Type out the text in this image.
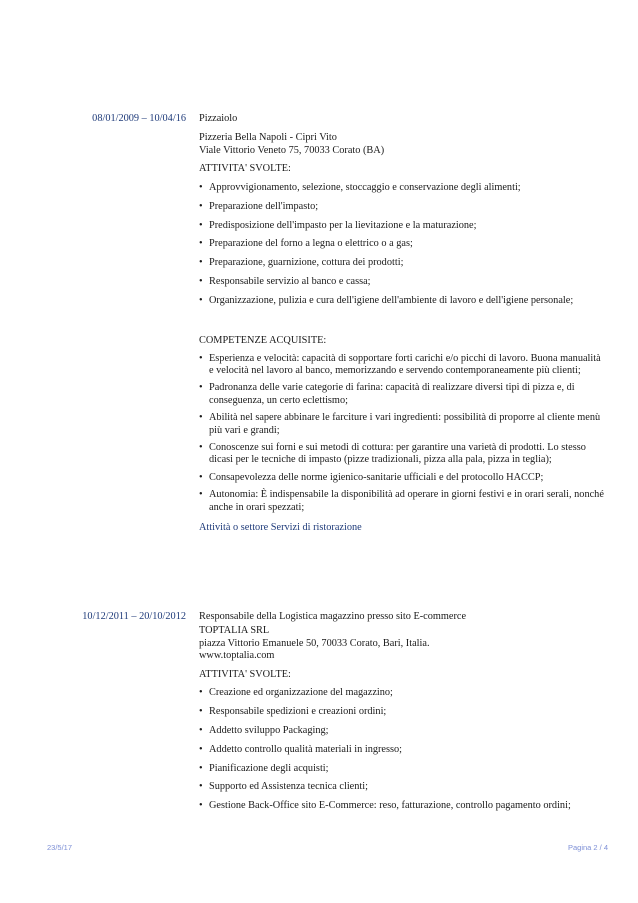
08/01/2009 – 10/04/16 Pizzaiolo

Pizzeria Bella Napoli - Cipri Vito

Viale Vittorio Veneto 75, 70033 Corato (BA)

ATTIVITA' SVOLTE:

• Approvvigionamento, selezione, stoccaggio e conservazione degli alimenti;
• Preparazione dell'impasto;
• Predisposizione dell'impasto per la lievitazione e la maturazione;
• Preparazione del forno a legna o elettrico o a gas;
• Preparazione, guarnizione, cottura dei prodotti;
• Responsabile servizio al banco e cassa;
• Organizzazione, pulizia e cura dell'igiene dell'ambiente di lavoro e dell'igiene personale;

COMPETENZE ACQUISITE:

• Esperienza e velocità: capacità di sopportare forti carichi e/o picchi di lavoro. Buona manualità e velocità nel lavoro al banco, memorizzando e servendo contemporaneamente più clienti;
• Padronanza delle varie categorie di farina: capacità di realizzare diversi tipi di pizza e, di conseguenza, un certo eclettismo;
• Abilità nel sapere abbinare le farciture i vari ingredienti: possibilità di proporre al cliente menù più vari e grandi;
• Conoscenze sui forni e sui metodi di cottura: per garantire una varietà di prodotti. Lo stesso dicasi per le tecniche di impasto (pizze tradizionali, pizza alla pala, pizza in teglia);
• Consapevolezza delle norme igienico-sanitarie ufficiali e del protocollo HACCP;
• Autonomia: È indispensabile la disponibilità ad operare in giorni festivi e in orari serali, nonché anche in orari spezzati;

Attività o settore Servizi di ristorazione

10/12/2011 – 20/10/2012 Responsabile della Logistica magazzino presso sito E-commerce

TOPTALIA SRL

piazza Vittorio Emanuele 50, 70033 Corato, Bari, Italia.

www.toptalia.com

ATTIVITA' SVOLTE:

• Creazione ed organizzazione del magazzino;
• Responsabile spedizioni e creazioni ordini;
• Addetto sviluppo Packaging;
• Addetto controllo qualità materiali in ingresso;
• Pianificazione degli acquisti;
• Supporto ed Assistenza tecnica clienti;
• Gestione Back-Office sito E-Commerce: reso, fatturazione, controllo pagamento ordini;
23/5/17	Pagina 2 / 4
